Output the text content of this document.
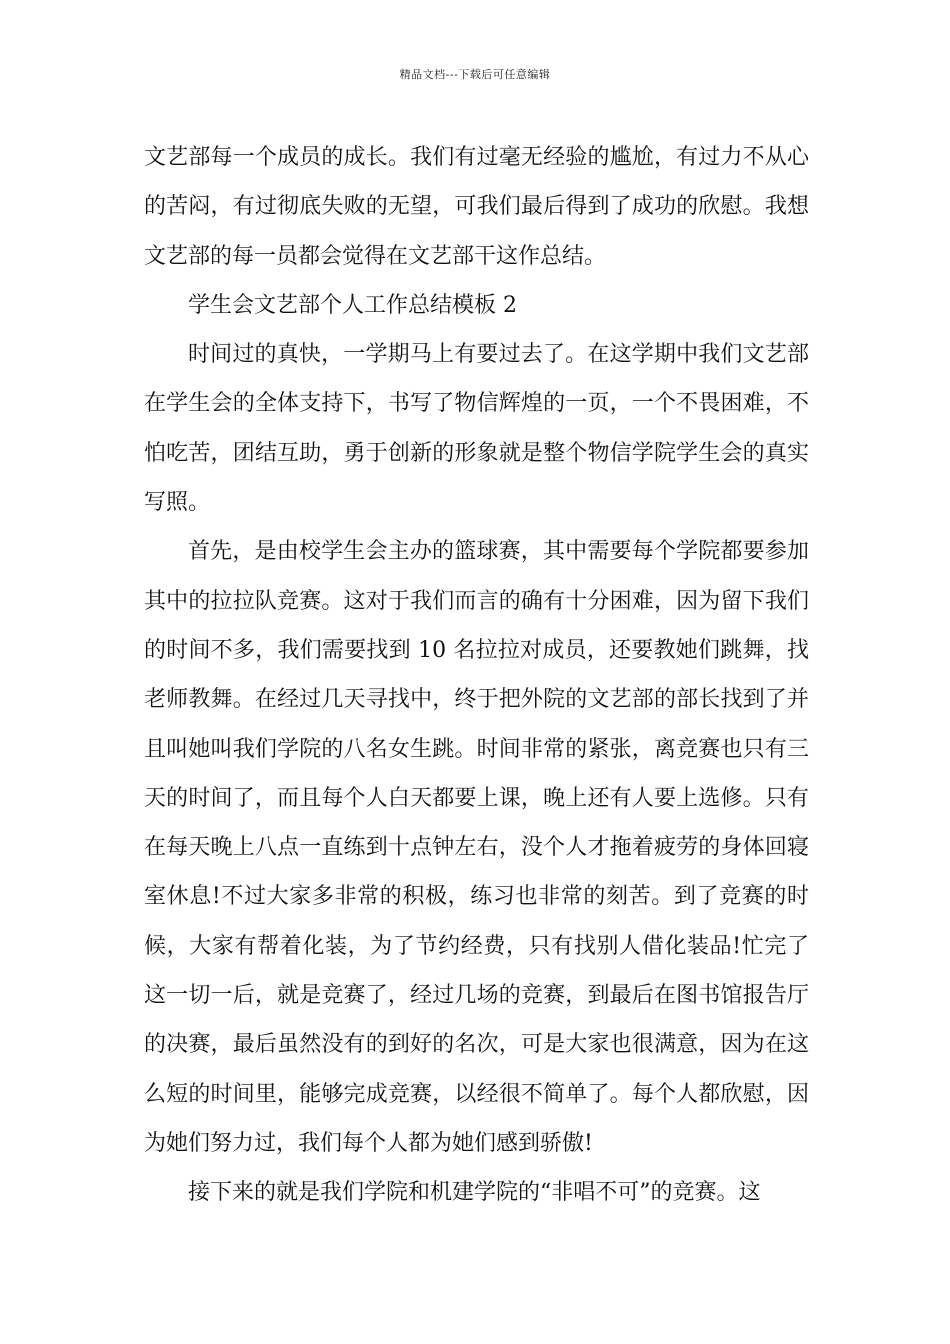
精品文档---下载后可任意编辑

文艺部每一个成员的成长。我们有过毫无经验的尴尬，有过力不从心的苦闷，有过彻底失败的无望，可我们最后得到了成功的欣慰。我想文艺部的每一员都会觉得在文艺部干这作总结。

学生会文艺部个人工作总结模板 2

时间过的真快，一学期马上有要过去了。在这学期中我们文艺部在学生会的全体支持下，书写了物信辉煌的一页，一个不畏困难，不怕吃苦，团结互助，勇于创新的形象就是整个物信学院学生会的真实写照。

首先，是由校学生会主办的篮球赛，其中需要每个学院都要参加其中的拉拉队竞赛。这对于我们而言的确有十分困难，因为留下我们的时间不多，我们需要找到 10 名拉拉对成员，还要教她们跳舞，找老师教舞。在经过几天寻找中，终于把外院的文艺部的部长找到了并且叫她叫我们学院的八名女生跳。时间非常的紧张，离竞赛也只有三天的时间了，而且每个人白天都要上课，晚上还有人要上选修。只有在每天晚上八点一直练到十点钟左右，没个人才拖着疲劳的身体回寝室休息!不过大家多非常的积极，练习也非常的刻苦。到了竞赛的时候，大家有帮着化装，为了节约经费，只有找别人借化装品!忙完了这一切一后，就是竞赛了，经过几场的竞赛，到最后在图书馆报告厅的决赛，最后虽然没有的到好的名次，可是大家也很满意，因为在这么短的时间里，能够完成竞赛，以经很不简单了。每个人都欣慰，因为她们努力过，我们每个人都为她们感到骄傲!

接下来的就是我们学院和机建学院的“非唱不可”的竞赛。这
